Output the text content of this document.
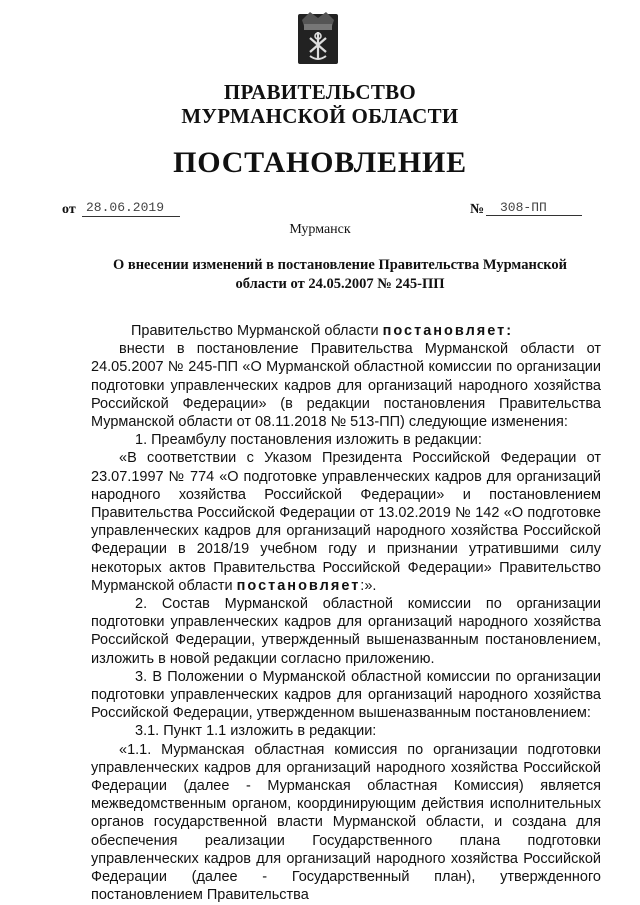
ПРАВИТЕЛЬСТВО
МУРМАНСКОЙ ОБЛАСТИ
ПОСТАНОВЛЕНИЕ
от 28.06.2019	№	308-ПП
Мурманск
О внесении изменений в постановление Правительства Мурманской области от 24.05.2007 № 245-ПП

Правительство Мурманской области постановляет:

внести в постановление Правительства Мурманской области от 24.05.2007 № 245-ПП «О Мурманской областной комиссии по организации подготовки управленческих кадров для организаций народного хозяйства Российской Федерации» (в редакции постановления Правительства Мурманской области от 08.11.2018 № 513-ПП) следующие изменения:

1. Преамбулу постановления изложить в редакции:

«В соответствии с Указом Президента Российской Федерации от 23.07.1997 № 774 «О подготовке управленческих кадров для организаций народного хозяйства Российской Федерации» и постановлением Правительства Российской Федерации от 13.02.2019 № 142 «О подготовке управленческих кадров для организаций народного хозяйства Российской Федерации в 2018/19 учебном году и признании утратившими силу некоторых актов Правительства Российской Федерации» Правительство Мурманской области постановляет:».

2. Состав Мурманской областной комиссии по организации подготовки управленческих кадров для организаций народного хозяйства Российской Федерации, утвержденный вышеназванным постановлением, изложить в новой редакции согласно приложению.

3. В Положении о Мурманской областной комиссии по организации подготовки управленческих кадров для организаций народного хозяйства Российской Федерации, утвержденном вышеназванным постановлением:

3.1. Пункт 1.1 изложить в редакции:

«1.1. Мурманская областная комиссия по организации подготовки управленческих кадров для организаций народного хозяйства Российской Федерации (далее - Мурманская областная Комиссия) является межведомственным органом, координирующим действия исполнительных органов государственной власти Мурманской области, и создана для обеспечения реализации Государственного плана подготовки управленческих кадров для организаций народного хозяйства Российской Федерации (далее - Государственный план), утвержденного постановлением Правительства
